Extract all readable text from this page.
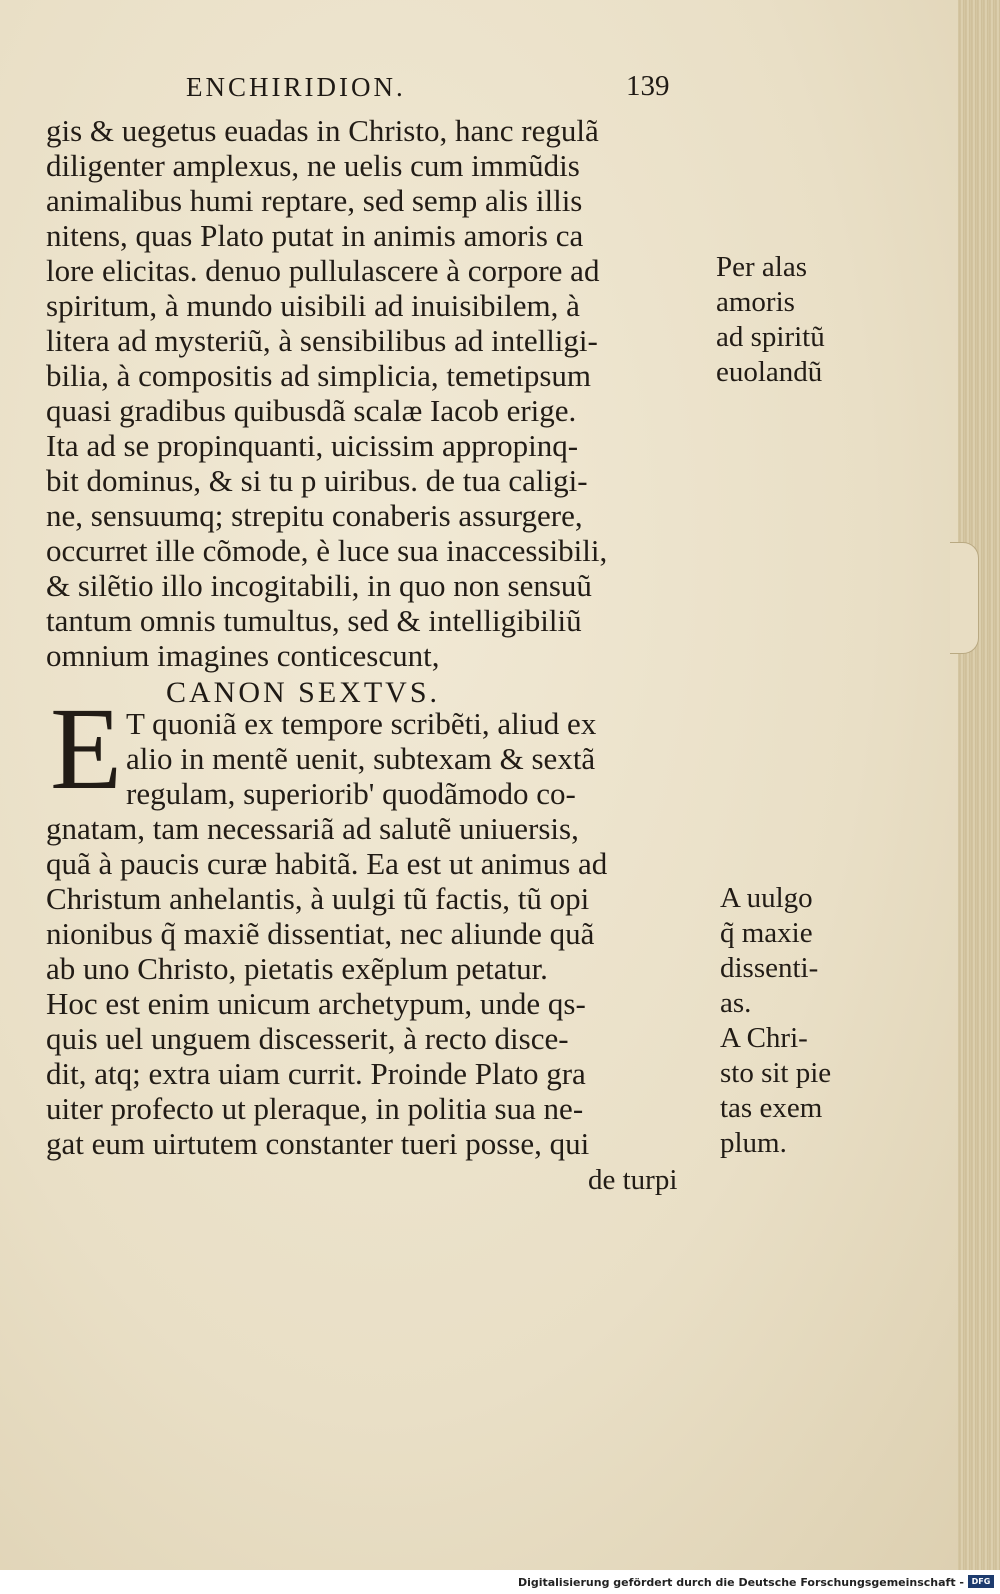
ENCHIRIDION.	139
gis & uegetus euadas in Christo, hanc regulã
diligenter amplexus, ne uelis cum immũdis
animalibus humi reptare, sed semp alis illis
nitens, quas Plato putat in animis amoris ca
lore elicitas. denuo pullulascere à corpore ad
spiritum, à mundo uisibili ad inuisibilem, à
litera ad mysteriũ, à sensibilibus ad intelligi-
bilia, à compositis ad simplicia, temetipsum
quasi gradibus quibusdã scalæ Iacob erige.
Ita ad se propinquanti, uicissim appropinq-
bit dominus, & si tu p uiribus. de tua caligi-
ne, sensuumq; strepitu conaberis assurgere,
occurret ille cõmode, è luce sua inaccessibili,
& silẽtio illo incogitabili, in quo non sensuũ
tantum omnis tumultus, sed & intelligibiliũ
omnium imagines conticescunt,
Per alas
amoris
ad spiritũ
euolandũ
CANON SEXTVS.
E T quoniã ex tempore scribẽti, aliud ex
alio in mentẽ uenit, subtexam & sextã
regulam, superiorib' quodãmodo co-
gnatam, tam necessariã ad salutẽ uniuersis,
quã à paucis curæ habitã. Ea est ut animus ad
Christum anhelantis, à uulgi tũ factis, tũ opi
nionibus q̃ maxiẽ dissentiat, nec aliunde quã
ab uno Christo, pietatis exẽplum petatur.
Hoc est enim unicum archetypum, unde qs-
quis uel unguem discesserit, à recto disce-
dit, atq; extra uiam currit. Proinde Plato gra
uiter profecto ut pleraque, in politia sua ne-
gat eum uirtutem constanter tueri posse, qui
de turpi
A uulgo
q̃ maxie
dissenti-
as.
A Chri-
sto sit pie
tas exem
plum.
Digitalisierung gefördert durch die Deutsche Forschungsgemeinschaft - DFG
